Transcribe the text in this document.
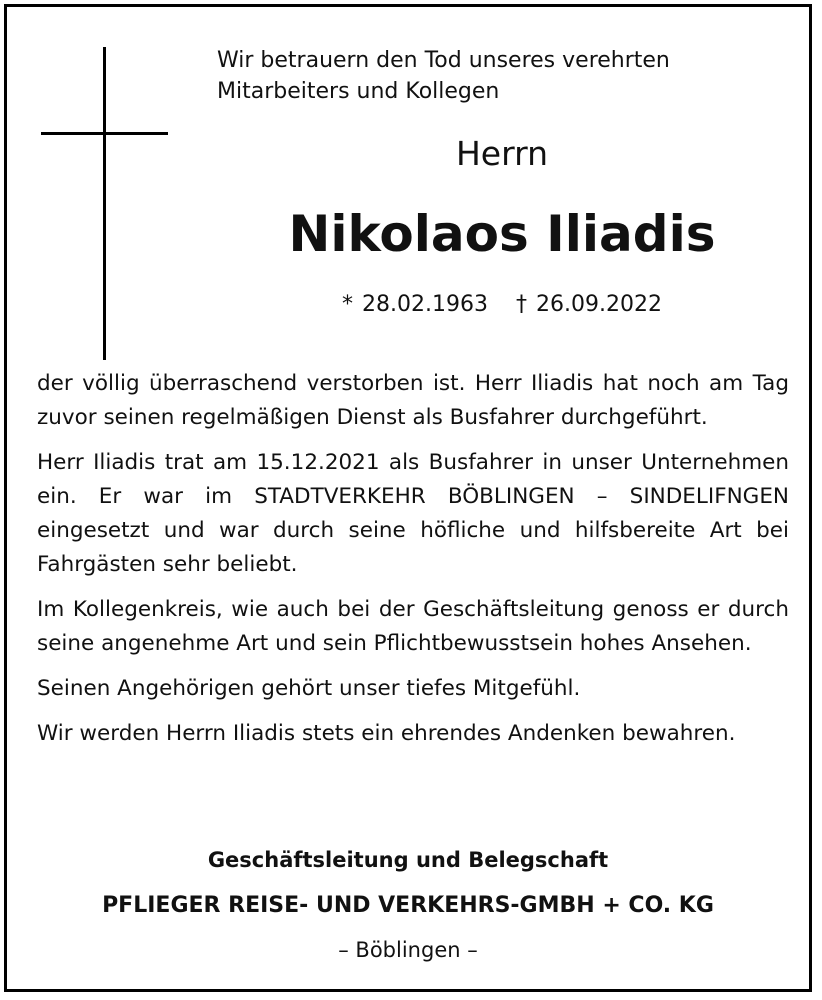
Wir betrauern den Tod unseres verehrten
Mitarbeiters und Kollegen

Herrn

Nikolaos Iliadis

* 28.02.1963 † 26.09.2022

der völlig überraschend verstorben ist. Herr Iliadis hat noch am Tag zuvor seinen regelmäßigen Dienst als Busfahrer durchgeführt.

Herr Iliadis trat am 15.12.2021 als Busfahrer in unser Unternehmen ein. Er war im STADTVERKEHR BÖBLINGEN – SINDELIFNGEN eingesetzt und war durch seine höfliche und hilfsbereite Art bei Fahrgästen sehr beliebt.

Im Kollegenkreis, wie auch bei der Geschäftsleitung genoss er durch seine angenehme Art und sein Pflichtbewusstsein hohes Ansehen.

Seinen Angehörigen gehört unser tiefes Mitgefühl.

Wir werden Herrn Iliadis stets ein ehrendes Andenken bewahren.

Geschäftsleitung und Belegschaft

PFLIEGER REISE- UND VERKEHRS-GMBH + CO. KG

– Böblingen –
